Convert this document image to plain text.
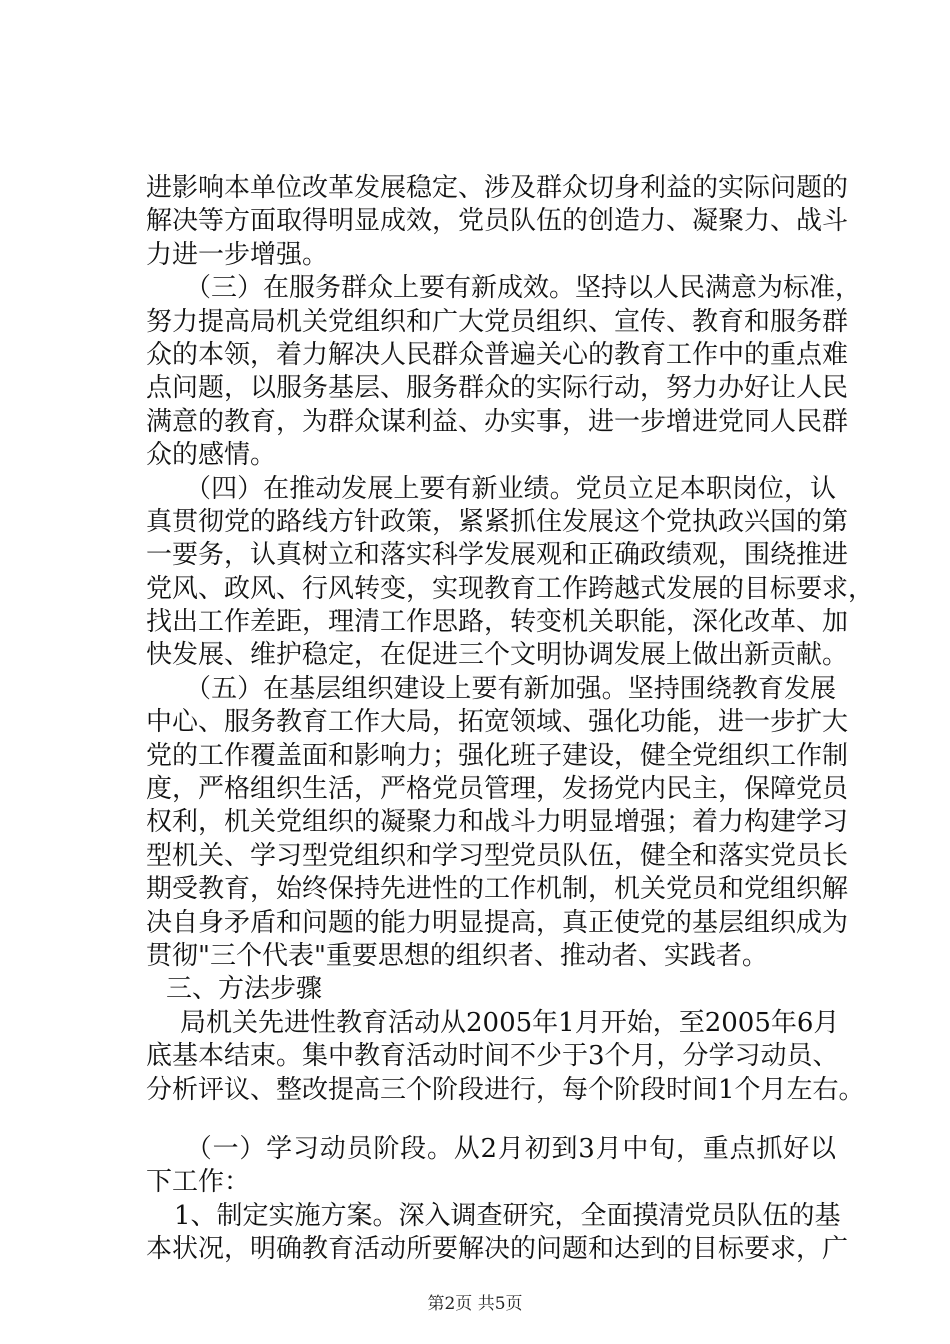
进影响本单位改革发展稳定、涉及群众切身利益的实际问题的
解决等方面取得明显成效，党员队伍的创造力、凝聚力、战斗
力进一步增强。
　（三）在服务群众上要有新成效。坚持以人民满意为标准，
努力提高局机关党组织和广大党员组织、宣传、教育和服务群
众的本领，着力解决人民群众普遍关心的教育工作中的重点难
点问题，以服务基层、服务群众的实际行动，努力办好让人民
满意的教育，为群众谋利益、办实事，进一步增进党同人民群
众的感情。
　（四）在推动发展上要有新业绩。党员立足本职岗位，认
真贯彻党的路线方针政策，紧紧抓住发展这个党执政兴国的第
一要务，认真树立和落实科学发展观和正确政绩观，围绕推进
党风、政风、行风转变，实现教育工作跨越式发展的目标要求，
找出工作差距，理清工作思路，转变机关职能，深化改革、加
快发展、维护稳定，在促进三个文明协调发展上做出新贡献。
　（五）在基层组织建设上要有新加强。坚持围绕教育发展
中心、服务教育工作大局，拓宽领域、强化功能，进一步扩大
党的工作覆盖面和影响力；强化班子建设，健全党组织工作制
度，严格组织生活，严格党员管理，发扬党内民主，保障党员
权利，机关党组织的凝聚力和战斗力明显增强；着力构建学习
型机关、学习型党组织和学习型党员队伍，健全和落实党员长
期受教育，始终保持先进性的工作机制，机关党员和党组织解
决自身矛盾和问题的能力明显提高，真正使党的基层组织成为
贯彻"三个代表"重要思想的组织者、推动者、实践者。
三、方法步骤
局机关先进性教育活动从2005年1月开始，至2005年6月
底基本结束。集中教育活动时间不少于3个月，分学习动员、
分析评议、整改提高三个阶段进行，每个阶段时间1个月左右。
　（一）学习动员阶段。从2月初到3月中旬，重点抓好以
下工作：
1、制定实施方案。深入调查研究，全面摸清党员队伍的基
本状况，明确教育活动所要解决的问题和达到的目标要求，广
第2页 共5页
